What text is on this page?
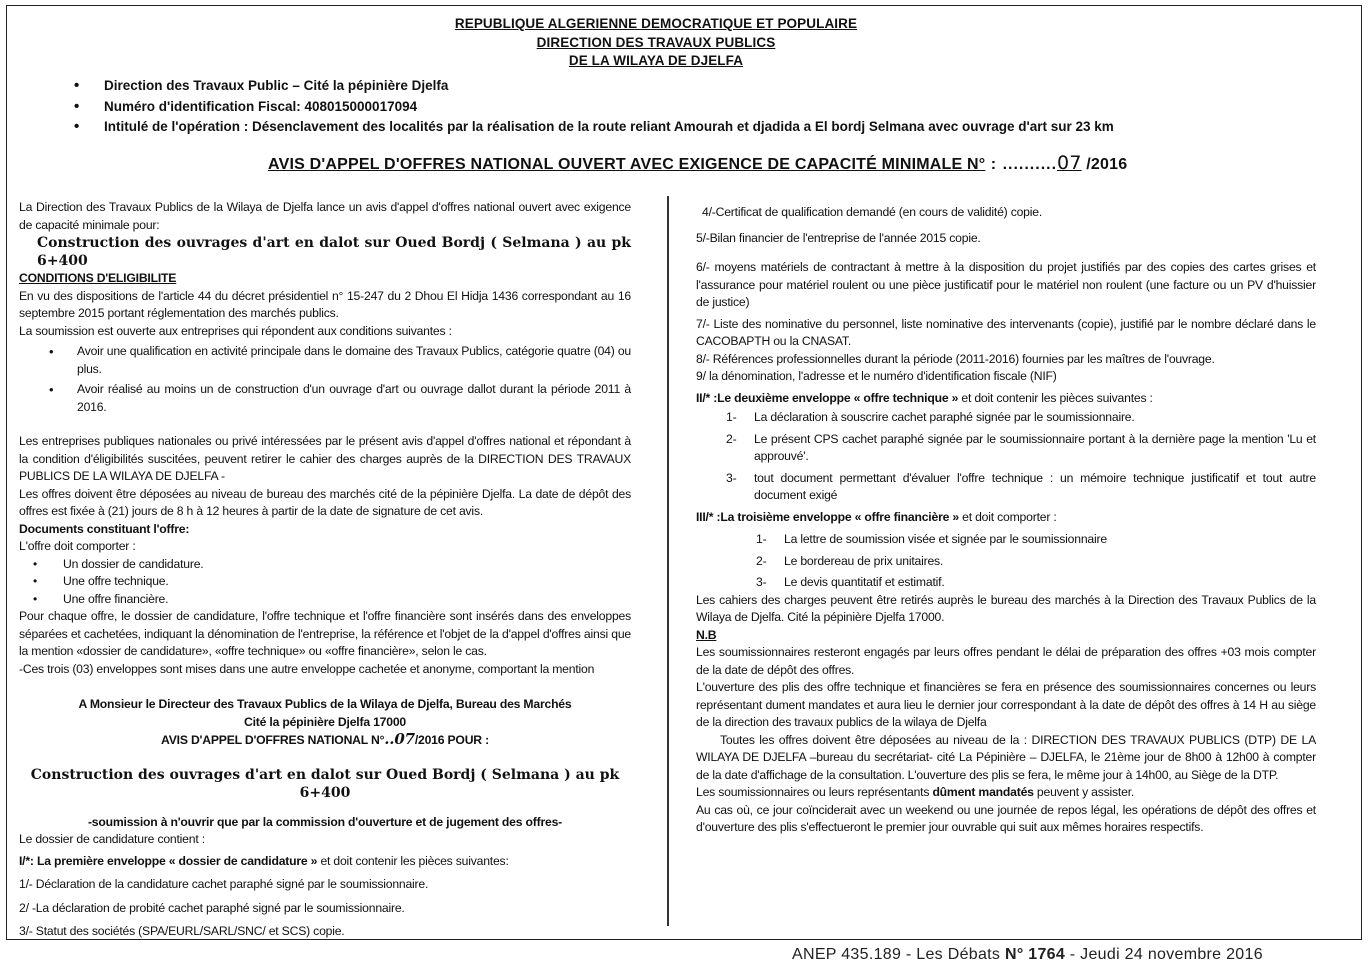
REPUBLIQUE ALGERIENNE DEMOCRATIQUE ET POPULAIRE
DIRECTION DES TRAVAUX PUBLICS
DE LA WILAYA DE DJELFA
• Direction des Travaux Public – Cité la pépinière Djelfa
• Numéro d'identification Fiscal: 408015000017094
• Intitulé de l'opération : Désenclavement des localités par la réalisation de la route reliant Amourah et djadida a El bordj Selmana avec ouvrage d'art sur 23 km
AVIS D'APPEL D'OFFRES NATIONAL OUVERT AVEC EXIGENCE DE CAPACITÉ MINIMALE N° : ..........07 /2016

La Direction des Travaux Publics de la Wilaya de Djelfa lance un avis d'appel d'offres national ouvert avec exigence de capacité minimale pour:

Construction des ouvrages d'art en dalot sur Oued Bordj ( Selmana ) au pk 6+400

CONDITIONS D'ELIGIBILITE

En vu des dispositions de l'article 44 du décret présidentiel n° 15-247 du 2 Dhou El Hidja 1436 correspondant au 16 septembre 2015 portant réglementation des marchés publics.

La soumission est ouverte aux entreprises qui répondent aux conditions suivantes :

• Avoir une qualification en activité principale dans le domaine des Travaux Publics, catégorie quatre (04) ou plus.

• Avoir réalisé au moins un de construction d'un ouvrage d'art ou ouvrage dallot durant la période 2011 à 2016.

Les entreprises publiques nationales ou privé intéressées par le présent avis d'appel d'offres national et répondant à la condition d'éligibilités suscitées, peuvent retirer le cahier des charges auprès de la DIRECTION DES TRAVAUX PUBLICS DE LA WILAYA DE DJELFA -

Les offres doivent être déposées au niveau de bureau des marchés cité de la pépinière Djelfa. La date de dépôt des offres est fixée à (21) jours de 8 h à 12 heures à partir de la date de signature de cet avis.

Documents constituant l'offre:

L'offre doit comporter :

• Un dossier de candidature.

• Une offre technique.

• Une offre financière.

Pour chaque offre, le dossier de candidature, l'offre technique et l'offre financière sont insérés dans des enveloppes séparées et cachetées, indiquant la dénomination de l'entreprise, la référence et l'objet de la d'appel d'offres ainsi que la mention «dossier de candidature», «offre technique» ou «offre financière», selon le cas.

-Ces trois (03) enveloppes sont mises dans une autre enveloppe cachetée et anonyme, comportant la mention

A Monsieur le Directeur des Travaux Publics de la Wilaya de Djelfa, Bureau des Marchés

Cité la pépinière Djelfa 17000

AVIS D'APPEL D'OFFRES NATIONAL N°..07/2016 POUR :

Construction des ouvrages d'art en dalot sur Oued Bordj ( Selmana ) au pk 6+400

-soumission à n'ouvrir que par la commission d'ouverture et de jugement des offres-

Le dossier de candidature contient :

I/*: La première enveloppe « dossier de candidature » et doit contenir les pièces suivantes:

1/- Déclaration de la candidature cachet paraphé signé par le soumissionnaire.

2/ -La déclaration de probité cachet paraphé signé par le soumissionnaire.

3/- Statut des sociétés (SPA/EURL/SARL/SNC/ et SCS) copie.

4/-Certificat de qualification demandé (en cours de validité) copie.

5/-Bilan financier de l'entreprise de l'année 2015 copie.

6/- moyens matériels de contractant à mettre à la disposition du projet justifiés par des copies des cartes grises et l'assurance pour matériel roulent ou une pièce justificatif pour le matériel non roulent (une facture ou un PV d'huissier de justice)

7/- Liste des nominative du personnel, liste nominative des intervenants (copie), justifié par le nombre déclaré dans le CACOBAPTH ou la CNASAT.

8/- Références professionnelles durant la période (2011-2016) fournies par les maîtres de l'ouvrage.

9/ la dénomination, l'adresse et le numéro d'identification fiscale (NIF)

II/* :Le deuxième enveloppe « offre technique » et doit contenir les pièces suivantes :

1- La déclaration à souscrire cachet paraphé signée par le soumissionnaire.

2- Le présent CPS cachet paraphé signée par le soumissionnaire portant à la dernière page la mention 'Lu et approuvé'.

3- tout document permettant d'évaluer l'offre technique : un mémoire technique justificatif et tout autre document exigé

III/* :La troisième enveloppe « offre financière » et doit comporter :

1- La lettre de soumission visée et signée par le soumissionnaire

2- Le bordereau de prix unitaires.

3- Le devis quantitatif et estimatif.

Les cahiers des charges peuvent être retirés auprès le bureau des marchés à la Direction des Travaux Publics de la Wilaya de Djelfa. Cité la pépinière Djelfa 17000.

N.B

Les soumissionnaires resteront engagés par leurs offres pendant le délai de préparation des offres +03 mois compter de la date de dépôt des offres.

L'ouverture des plis des offre technique et financières se fera en présence des soumissionnaires concernes ou leurs représentant dument mandates et aura lieu le dernier jour correspondant à la date de dépôt des offres à 14 H au siège de la direction des travaux publics de la wilaya de Djelfa

Toutes les offres doivent être déposées au niveau de la : DIRECTION DES TRAVAUX PUBLICS (DTP) DE LA WILAYA DE DJELFA –bureau du secrétariat- cité La Pépinière – DJELFA, le 21ème jour de 8h00 à 12h00 à compter de la date d'affichage de la consultation. L'ouverture des plis se fera, le même jour à 14h00, au Siège de la DTP.

Les soumissionnaires ou leurs représentants dûment mandatés peuvent y assister.

Au cas où, ce jour coïnciderait avec un weekend ou une journée de repos légal, les opérations de dépôt des offres et d'ouverture des plis s'effectueront le premier jour ouvrable qui suit aux mêmes horaires respectifs.

ANEP 435.189 - Les Débats N° 1764 - Jeudi 24 novembre 2016
